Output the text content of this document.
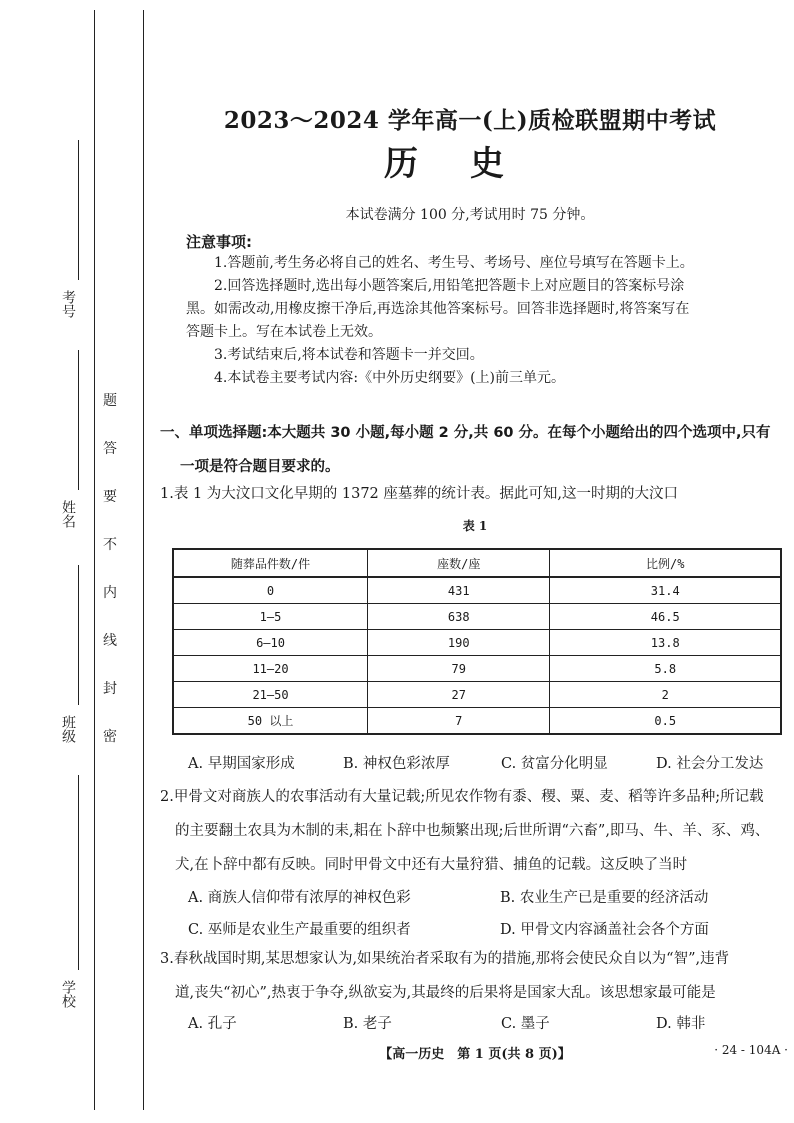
考号
姓名
班级
学校
题
答
要
不
内
线
封
密
2023～2024 学年高一(上)质检联盟期中考试
历史
本试卷满分 100 分,考试用时 75 分钟。
注意事项:
1.答题前,考生务必将自己的姓名、考生号、考场号、座位号填写在答题卡上。
2.回答选择题时,选出每小题答案后,用铅笔把答题卡上对应题目的答案标号涂
黑。如需改动,用橡皮擦干净后,再选涂其他答案标号。回答非选择题时,将答案写在
答题卡上。写在本试卷上无效。
3.考试结束后,将本试卷和答题卡一并交回。
4.本试卷主要考试内容:《中外历史纲要》(上)前三单元。
一、单项选择题:本大题共 30 小题,每小题 2 分,共 60 分。在每个小题给出的四个选项中,只有
一项是符合题目要求的。
1.表 1 为大汶口文化早期的 1372 座墓葬的统计表。据此可知,这一时期的大汶口
表 1
随葬品件数/件	座数/座	比例/%
0	431	31.4
1—5	638	46.5
6—10	190	13.8
11—20	79	5.8
21—50	27	2
50 以上	7	0.5
A. 早期国家形成	B. 神权色彩浓厚	C. 贫富分化明显	D. 社会分工发达
2.甲骨文对商族人的农事活动有大量记载;所见农作物有黍、稷、粟、麦、稻等许多品种;所记载
的主要翻土农具为木制的耒,耜在卜辞中也频繁出现;后世所谓“六畜”,即马、牛、羊、豕、鸡、
犬,在卜辞中都有反映。同时甲骨文中还有大量狩猎、捕鱼的记载。这反映了当时
A. 商族人信仰带有浓厚的神权色彩	B. 农业生产已是重要的经济活动
C. 巫师是农业生产最重要的组织者	D. 甲骨文内容涵盖社会各个方面
3.春秋战国时期,某思想家认为,如果统治者采取有为的措施,那将会使民众自以为“智”,违背
道,丧失“初心”,热衷于争夺,纵欲妄为,其最终的后果将是国家大乱。该思想家最可能是
A. 孔子	B. 老子	C. 墨子	D. 韩非
【高一历史　第 1 页(共 8 页)】	· 24 - 104A ·
